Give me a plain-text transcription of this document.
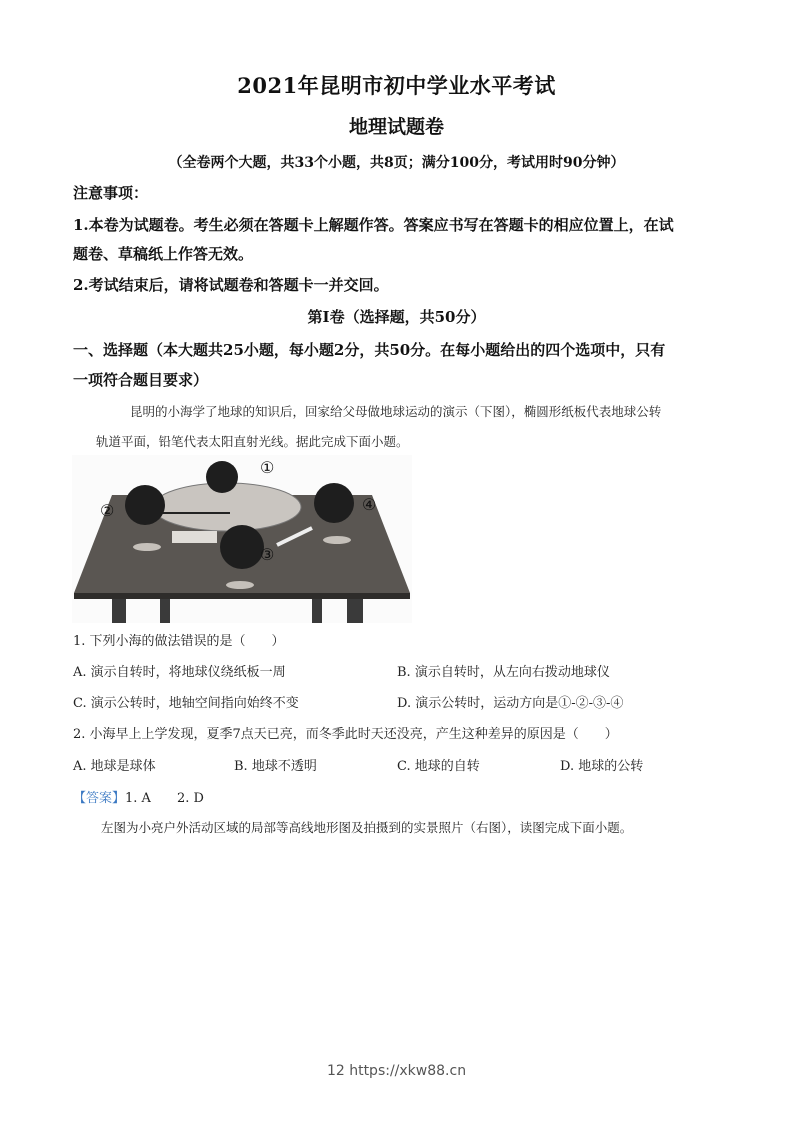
2021年昆明市初中学业水平考试
地理试题卷
（全卷两个大题，共33个小题，共8页；满分100分，考试用时90分钟）
注意事项：
1.本卷为试题卷。考生必须在答题卡上解题作答。答案应书写在答题卡的相应位置上，在试
题卷、草稿纸上作答无效。
2.考试结束后，请将试题卷和答题卡一并交回。
第Ⅰ卷（选择题，共50分）
一、选择题（本大题共25小题，每小题2分，共50分。在每小题给出的四个选项中，只有
一项符合题目要求）
昆明的小海学了地球的知识后，回家给父母做地球运动的演示（下图），椭圆形纸板代表地球公转
轨道平面，铅笔代表太阳直射光线。据此完成下面小题。
①
②
③
④
1. 下列小海的做法错误的是（　　）
A. 演示自转时，将地球仪绕纸板一周	B. 演示自转时，从左向右拨动地球仪
C. 演示公转时，地轴空间指向始终不变	D. 演示公转时，运动方向是①-②-③-④
2. 小海早上上学发现，夏季7点天已亮，而冬季此时天还没亮，产生这种差异的原因是（　　）
A. 地球是球体	B. 地球不透明	C. 地球的自转	D. 地球的公转
【答案】1. A　　2. D
左图为小亮户外活动区域的局部等高线地形图及拍摄到的实景照片（右图），读图完成下面小题。
12 https://xkw88.cn
